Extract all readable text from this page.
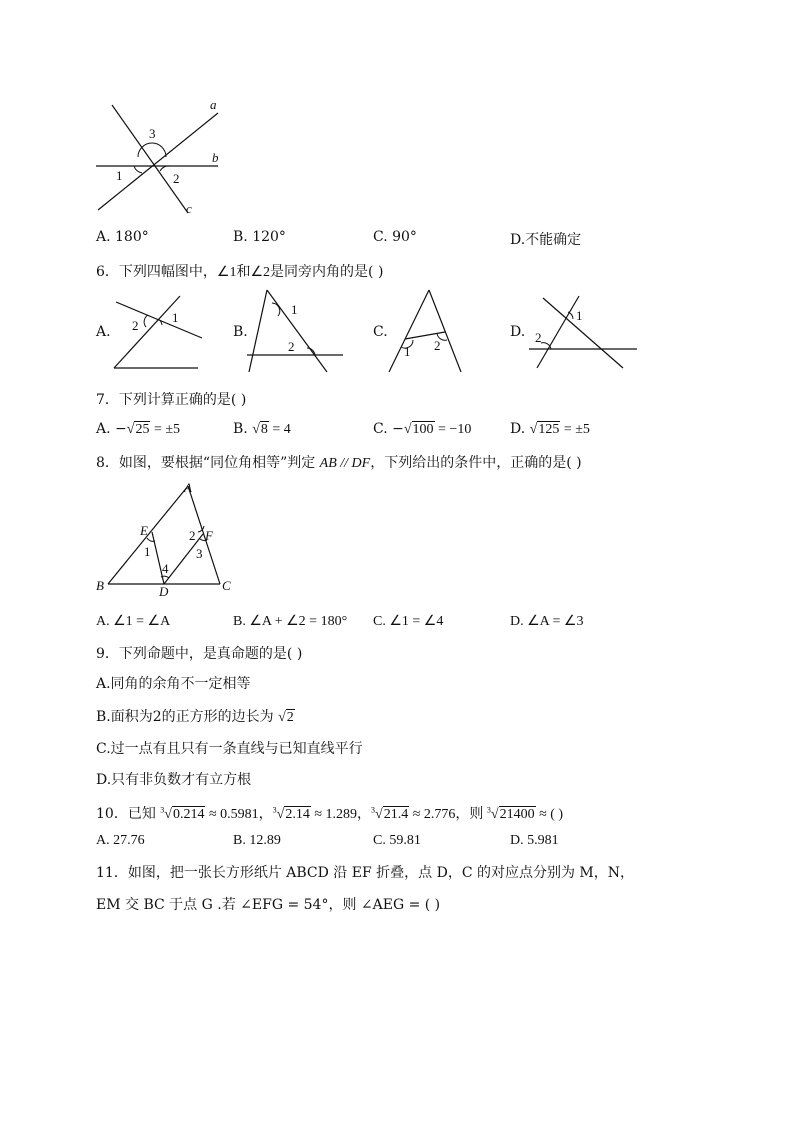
a
b
c
1	2
3
A. 180°	B. 120°	C. 90°	D.不能确定
6．下列四幅图中，∠1和∠2是同旁内角的是( )
A. 2
1
B.
1
2
C.
1 2
D.
1
2
7．下列计算正确的是( )
A. −√25 = ±5	B. √8 = 4	C. −√100 = −10	D. √125 = ±5
8．如图，要根据“同位角相等”判定 AB // DF，下列给出的条件中，正确的是( )
A
E	F
B	C
D
1
2
3
4
A. ∠1 = ∠A	B. ∠A + ∠2 = 180° C. ∠1 = ∠4	D. ∠A = ∠3
9．下列命题中，是真命题的是( )
A.同角的余角不一定相等
B.面积为2的正方形的边长为 √2
C.过一点有且只有一条直线与已知直线平行
D.只有非负数才有立方根
10．已知 $^3$√0.214 ≈ 0.5981，$^3$√2.14 ≈ 1.289，$^3$√21.4 ≈ 2.776，则 $^3$√21400 ≈ ( )
A. 27.76	B. 12.89	C. 59.81	D. 5.981
11．如图，把一张长方形纸片 ABCD 沿 EF 折叠，点 D，C 的对应点分别为 M，N，
EM 交 BC 于点 G .若 ∠EFG = 54°，则 ∠AEG = ( )
